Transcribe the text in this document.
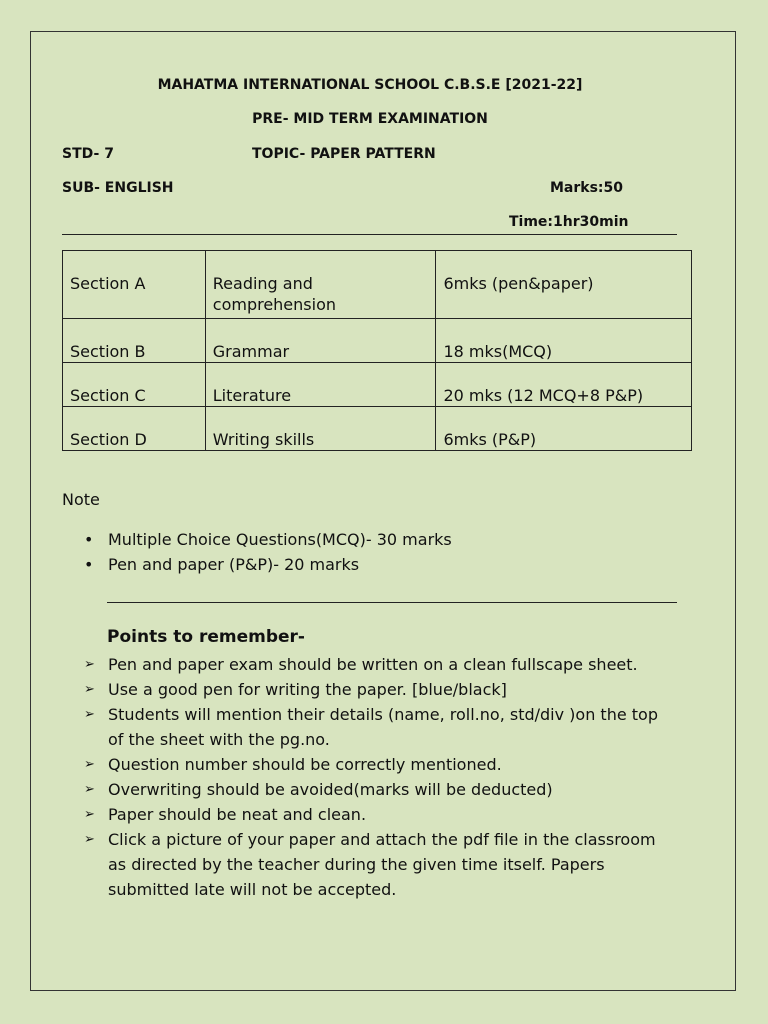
MAHATMA INTERNATIONAL SCHOOL C.B.S.E [2021-22]
PRE- MID TERM EXAMINATION
STD- 7	TOPIC- PAPER PATTERN
SUB- ENGLISH	Marks:50
Time:1hr30min
Section A	Reading and comprehension	6mks (pen&paper)
Section B	Grammar	18 mks(MCQ)
Section C	Literature	20 mks (12 MCQ+8 P&P)
Section D	Writing skills	6mks (P&P)
Note
• Multiple Choice Questions(MCQ)- 30 marks
• Pen and paper (P&P)- 20 marks
Points to remember-
➢ Pen and paper exam should be written on a clean fullscape sheet.
➢ Use a good pen for writing the paper. [blue/black]
➢ Students will mention their details (name, roll.no, std/div )on the top of the sheet with the pg.no.
➢ Question number should be correctly mentioned.
➢ Overwriting should be avoided(marks will be deducted)
➢ Paper should be neat and clean.
➢ Click a picture of your paper and attach the pdf file in the classroom as directed by the teacher during the given time itself. Papers submitted late will not be accepted.
